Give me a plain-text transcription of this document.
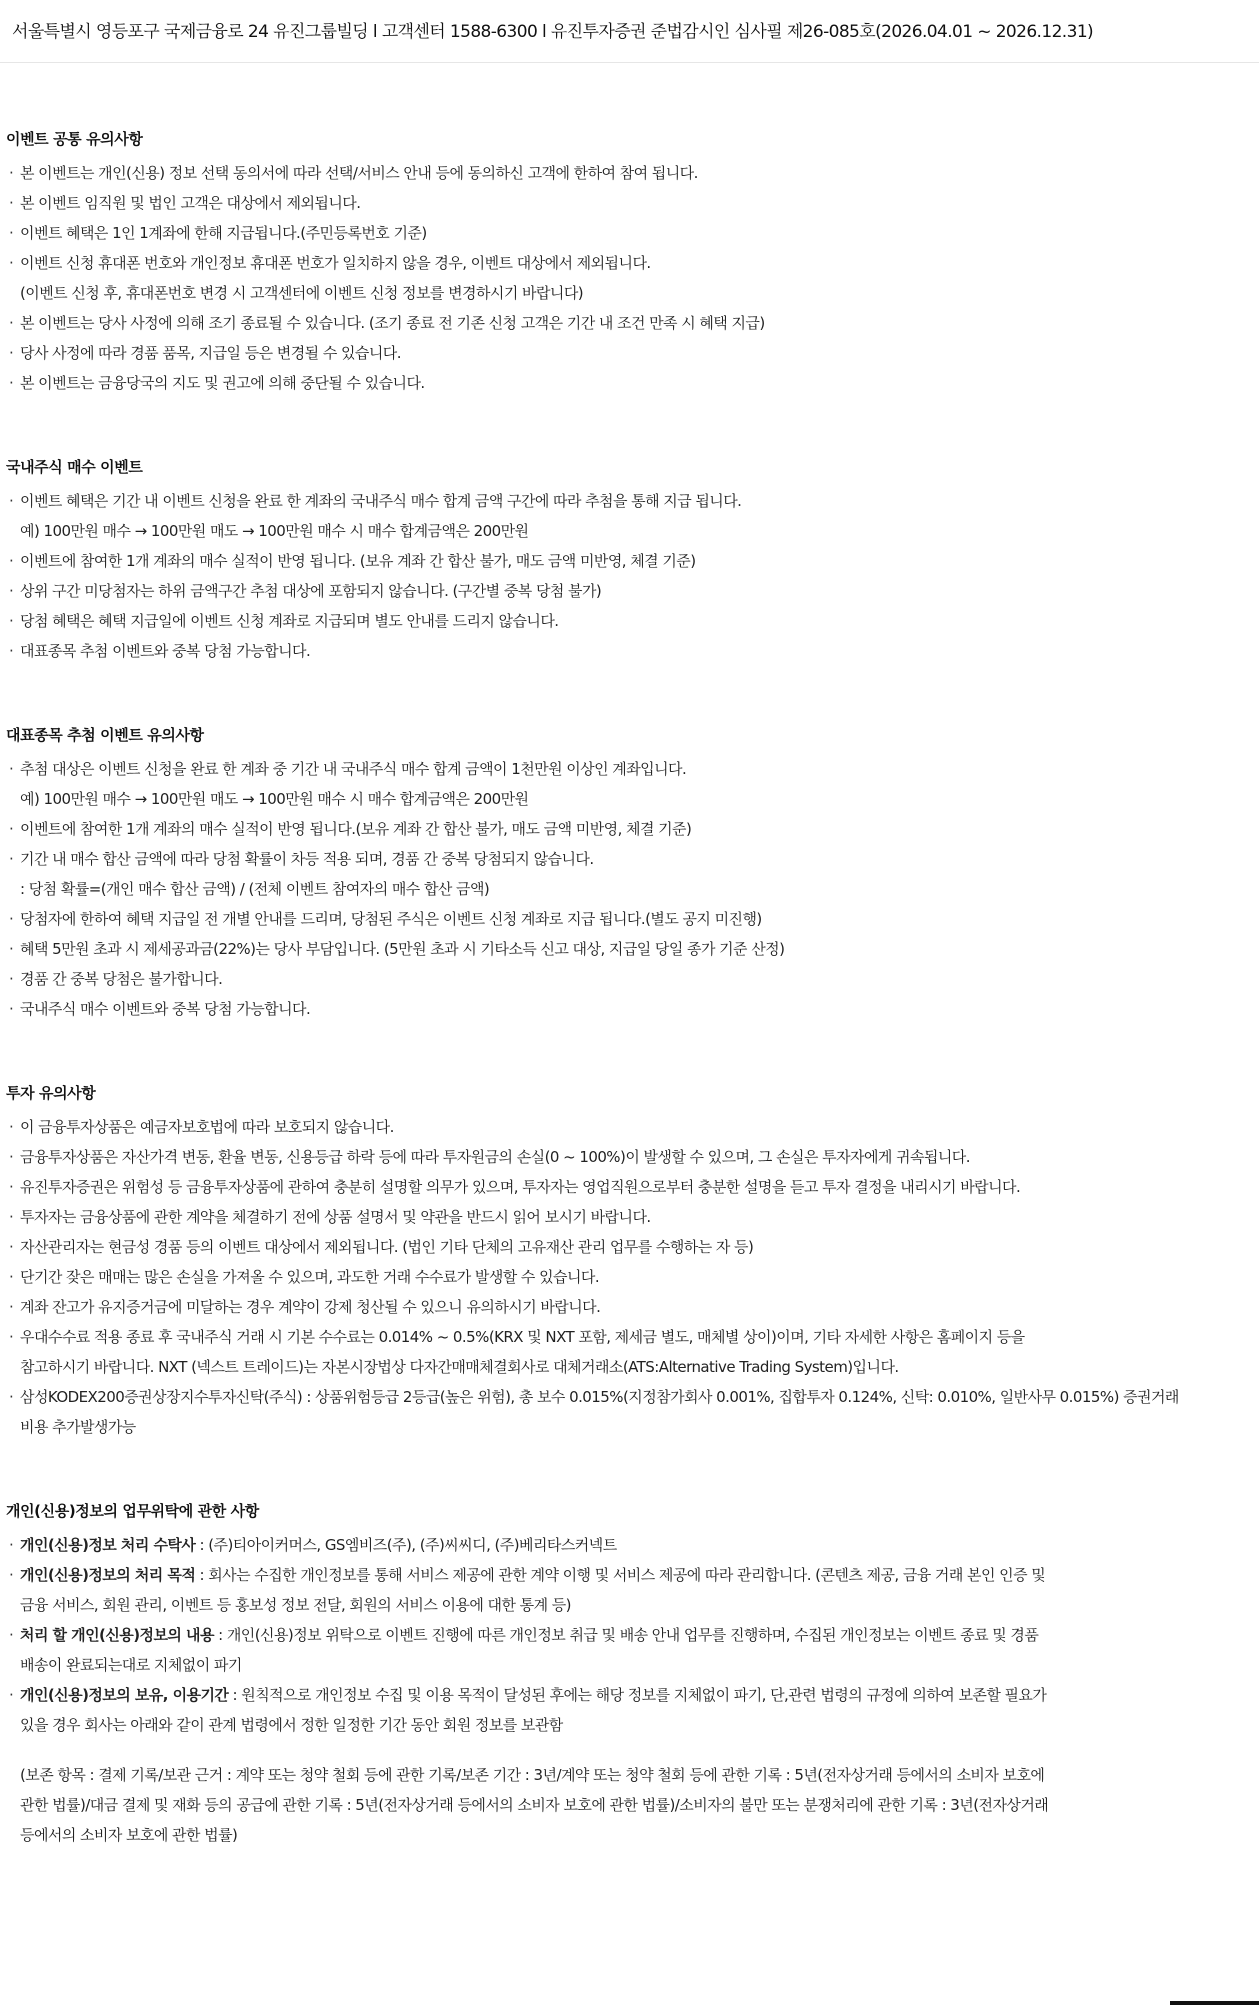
서울특별시 영등포구 국제금융로 24 유진그룹빌딩 l 고객센터 1588-6300 l 유진투자증권 준법감시인 심사필 제26-085호(2026.04.01 ~ 2026.12.31)
이벤트 공통 유의사항
· 본 이벤트는 개인(신용) 정보 선택 동의서에 따라 선택/서비스 안내 등에 동의하신 고객에 한하여 참여 됩니다.
· 본 이벤트 임직원 및 법인 고객은 대상에서 제외됩니다.
· 이벤트 혜택은 1인 1계좌에 한해 지급됩니다.(주민등록번호 기준)
· 이벤트 신청 휴대폰 번호와 개인정보 휴대폰 번호가 일치하지 않을 경우, 이벤트 대상에서 제외됩니다.
(이벤트 신청 후, 휴대폰번호 변경 시 고객센터에 이벤트 신청 정보를 변경하시기 바랍니다)
· 본 이벤트는 당사 사정에 의해 조기 종료될 수 있습니다. (조기 종료 전 기존 신청 고객은 기간 내 조건 만족 시 혜택 지급)
· 당사 사정에 따라 경품 품목, 지급일 등은 변경될 수 있습니다.
· 본 이벤트는 금융당국의 지도 및 권고에 의해 중단될 수 있습니다.
국내주식 매수 이벤트
· 이벤트 혜택은 기간 내 이벤트 신청을 완료 한 계좌의 국내주식 매수 합계 금액 구간에 따라 추첨을 통해 지급 됩니다.
예) 100만원 매수 → 100만원 매도 → 100만원 매수 시 매수 합계금액은 200만원
· 이벤트에 참여한 1개 계좌의 매수 실적이 반영 됩니다. (보유 계좌 간 합산 불가, 매도 금액 미반영, 체결 기준)
· 상위 구간 미당첨자는 하위 금액구간 추첨 대상에 포함되지 않습니다. (구간별 중복 당첨 불가)
· 당첨 혜택은 혜택 지급일에 이벤트 신청 계좌로 지급되며 별도 안내를 드리지 않습니다.
· 대표종목 추첨 이벤트와 중복 당첨 가능합니다.
대표종목 추첨 이벤트 유의사항
· 추첨 대상은 이벤트 신청을 완료 한 계좌 중 기간 내 국내주식 매수 합계 금액이 1천만원 이상인 계좌입니다.
예) 100만원 매수 → 100만원 매도 → 100만원 매수 시 매수 합계금액은 200만원
· 이벤트에 참여한 1개 계좌의 매수 실적이 반영 됩니다.(보유 계좌 간 합산 불가, 매도 금액 미반영, 체결 기준)
· 기간 내 매수 합산 금액에 따라 당첨 확률이 차등 적용 되며, 경품 간 중복 당첨되지 않습니다.
: 당첨 확률=(개인 매수 합산 금액) / (전체 이벤트 참여자의 매수 합산 금액)
· 당첨자에 한하여 혜택 지급일 전 개별 안내를 드리며, 당첨된 주식은 이벤트 신청 계좌로 지급 됩니다.(별도 공지 미진행)
· 혜택 5만원 초과 시 제세공과금(22%)는 당사 부담입니다. (5만원 초과 시 기타소득 신고 대상, 지급일 당일 종가 기준 산정)
· 경품 간 중복 당첨은 불가합니다.
· 국내주식 매수 이벤트와 중복 당첨 가능합니다.
투자 유의사항
· 이 금융투자상품은 예금자보호법에 따라 보호되지 않습니다.
· 금융투자상품은 자산가격 변동, 환율 변동, 신용등급 하락 등에 따라 투자원금의 손실(0 ~ 100%)이 발생할 수 있으며, 그 손실은 투자자에게 귀속됩니다.
· 유진투자증권은 위험성 등 금융투자상품에 관하여 충분히 설명할 의무가 있으며, 투자자는 영업직원으로부터 충분한 설명을 듣고 투자 결정을 내리시기 바랍니다.
· 투자자는 금융상품에 관한 계약을 체결하기 전에 상품 설명서 및 약관을 반드시 읽어 보시기 바랍니다.
· 자산관리자는 현금성 경품 등의 이벤트 대상에서 제외됩니다. (법인 기타 단체의 고유재산 관리 업무를 수행하는 자 등)
· 단기간 잦은 매매는 많은 손실을 가져올 수 있으며, 과도한 거래 수수료가 발생할 수 있습니다.
· 계좌 잔고가 유지증거금에 미달하는 경우 계약이 강제 청산될 수 있으니 유의하시기 바랍니다.
· 우대수수료 적용 종료 후 국내주식 거래 시 기본 수수료는 0.014% ~ 0.5%(KRX 및 NXT 포함, 제세금 별도, 매체별 상이)이며, 기타 자세한 사항은 홈페이지 등을
참고하시기 바랍니다. NXT (넥스트 트레이드)는 자본시장법상 다자간매매체결회사로 대체거래소(ATS:Alternative Trading System)입니다.
· 삼성KODEX200증권상장지수투자신탁(주식) : 상품위험등급 2등급(높은 위험), 총 보수 0.015%(지정참가회사 0.001%, 집합투자 0.124%, 신탁: 0.010%, 일반사무 0.015%) 증권거래
비용 추가발생가능
개인(신용)정보의 업무위탁에 관한 사항
· 개인(신용)정보 처리 수탁사 : (주)티아이커머스, GS엠비즈(주), (주)씨씨디, (주)베리타스커넥트
· 개인(신용)정보의 처리 목적 : 회사는 수집한 개인정보를 통해 서비스 제공에 관한 계약 이행 및 서비스 제공에 따라 관리합니다. (콘텐츠 제공, 금융 거래 본인 인증 및
금융 서비스, 회원 관리, 이벤트 등 홍보성 정보 전달, 회원의 서비스 이용에 대한 통계 등)
· 처리 할 개인(신용)정보의 내용 : 개인(신용)정보 위탁으로 이벤트 진행에 따른 개인정보 취급 및 배송 안내 업무를 진행하며, 수집된 개인정보는 이벤트 종료 및 경품
배송이 완료되는대로 지체없이 파기
· 개인(신용)정보의 보유, 이용기간 : 원칙적으로 개인정보 수집 및 이용 목적이 달성된 후에는 해당 정보를 지체없이 파기, 단,관련 법령의 규정에 의하여 보존할 필요가
있을 경우 회사는 아래와 같이 관계 법령에서 정한 일정한 기간 동안 회원 정보를 보관함
(보존 항목 : 결제 기록/보관 근거 : 계약 또는 청약 철회 등에 관한 기록/보존 기간 : 3년/계약 또는 청약 철회 등에 관한 기록 : 5년(전자상거래 등에서의 소비자 보호에
관한 법률)/대금 결제 및 재화 등의 공급에 관한 기록 : 5년(전자상거래 등에서의 소비자 보호에 관한 법률)/소비자의 불만 또는 분쟁처리에 관한 기록 : 3년(전자상거래
등에서의 소비자 보호에 관한 법률)
